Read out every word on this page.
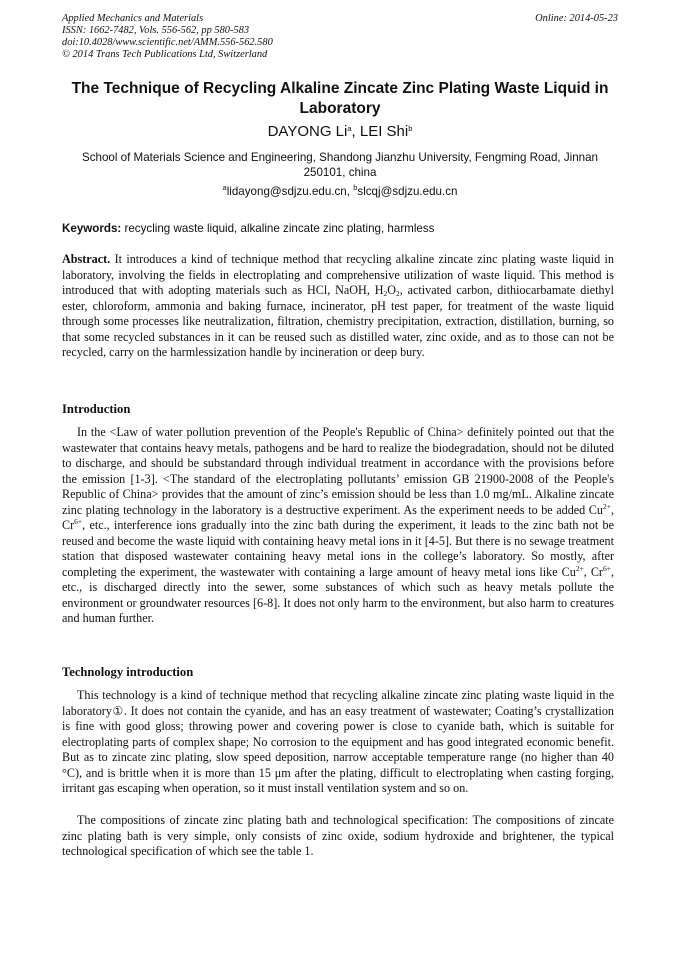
Applied Mechanics and Materials
ISSN: 1662-7482, Vols. 556-562, pp 580-583
doi:10.4028/www.scientific.net/AMM.556-562.580
© 2014 Trans Tech Publications Ltd, Switzerland
Online: 2014-05-23
The Technique of Recycling Alkaline Zincate Zinc Plating Waste Liquid in Laboratory
DAYONG Li$^a$, LEI Shi$^b$
School of Materials Science and Engineering, Shandong Jianzhu University, Fengming Road, Jinnan 250101, china
$^a$lidayong@sdjzu.edu.cn, $^b$slcqj@sdjzu.edu.cn
Keywords: recycling waste liquid, alkaline zincate zinc plating, harmless
Abstract. It introduces a kind of technique method that recycling alkaline zincate zinc plating waste liquid in laboratory, involving the fields in electroplating and comprehensive utilization of waste liquid. This method is introduced that with adopting materials such as HCl, NaOH, $H_2O_2$, activated carbon, dithiocarbamate diethyl ester, chloroform, ammonia and baking furnace, incinerator, pH test paper, for treatment of the waste liquid through some processes like neutralization, filtration, chemistry precipitation, extraction, distillation, burning, so that some recycled substances in it can be reused such as distilled water, zinc oxide, and as to those can not be recycled, carry on the harmlessization handle by incineration or deep bury.
Introduction
In the <Law of water pollution prevention of the People's Republic of China> definitely pointed out that the wastewater that contains heavy metals, pathogens and be hard to realize the biodegradation, should not be diluted to discharge, and should be substandard through individual treatment in accordance with the provisions before the emission [1-3]. <The standard of the electroplating pollutants’ emission GB 21900-2008 of the People's Republic of China> provides that the amount of zinc’s emission should be less than 1.0 mg/mL. Alkaline zincate zinc plating technology in the laboratory is a destructive experiment. As the experiment needs to be added $Cu^{2+}$, $Cr^{6+}$, etc., interference ions gradually into the zinc bath during the experiment, it leads to the zinc bath not be reused and become the waste liquid with containing heavy metal ions in it [4-5]. But there is no sewage treatment station that disposed wastewater containing heavy metal ions in the college’s laboratory. So mostly, after completing the experiment, the wastewater with containing a large amount of heavy metal ions like $Cu^{2+}$, $Cr^{6+}$, etc., is discharged directly into the sewer, some substances of which such as heavy metals pollute the environment or groundwater resources [6-8]. It does not only harm to the environment, but also harm to creatures and human further.
Technology introduction
This technology is a kind of technique method that recycling alkaline zincate zinc plating waste liquid in the laboratory①. It does not contain the cyanide, and has an easy treatment of wastewater; Coating’s crystallization is fine with good gloss; throwing power and covering power is close to cyanide bath, which is suitable for electroplating parts of complex shape; No corrosion to the equipment and has good integrated economic benefit. But as to zincate zinc plating, slow speed deposition, narrow acceptable temperature range (no higher than 40 °C), and is brittle when it is more than 15 μm after the plating, difficult to electroplating when casting forging, irritant gas escaping when operation, so it must install ventilation system and so on.
The compositions of zincate zinc plating bath and technological specification: The compositions of zincate zinc plating bath is very simple, only consists of zinc oxide, sodium hydroxide and brightener, the typical technological specification of which see the table 1.
